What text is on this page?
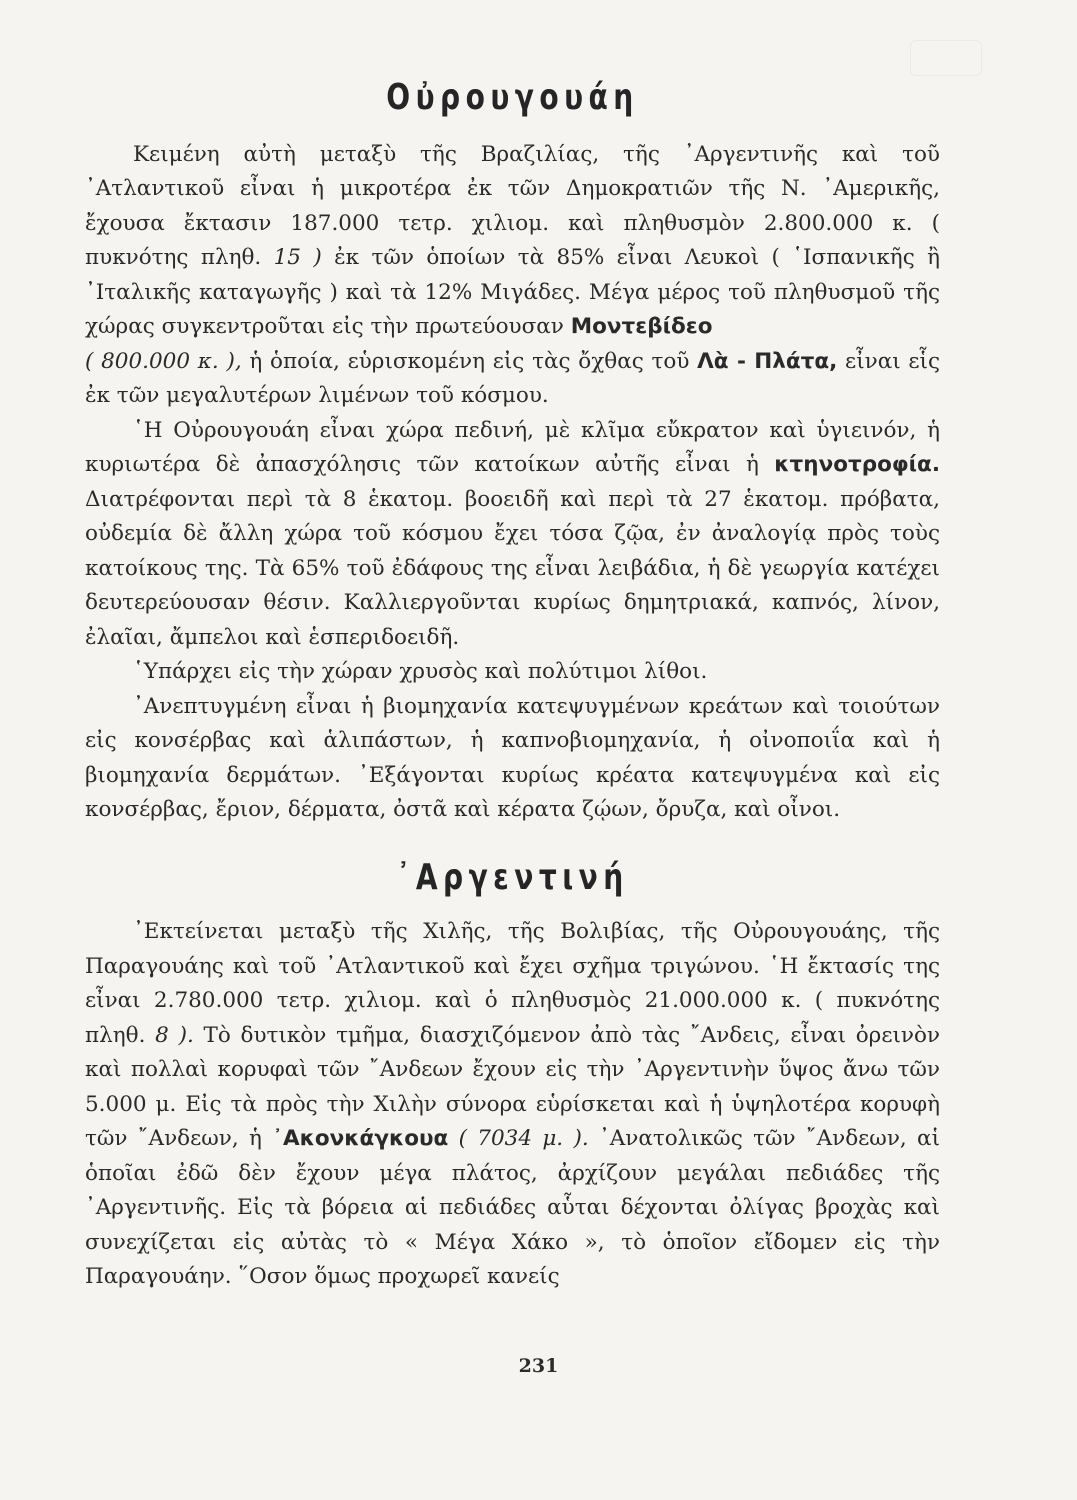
Οὐρουγουάη

Κειμένη αὐτὴ μεταξὺ τῆς Βραζιλίας, τῆς ᾽Αργεντινῆς καὶ τοῦ ᾽Ατλαντικοῦ εἶναι ἡ μικροτέρα ἐκ τῶν Δημοκρατιῶν τῆς Ν. ᾽Αμερικῆς, ἔχουσα ἔκτασιν 187.000 τετρ. χιλιομ. καὶ πληθυσμὸν 2.800.000 κ. ( πυκνότης πληθ. 15 ) ἐκ τῶν ὁποίων τὰ 85% εἶναι Λευκοὶ ( ῾Ισπανικῆς ἢ ᾽Ιταλικῆς καταγωγῆς ) καὶ τὰ 12% Μιγάδες. Μέγα μέρος τοῦ πληθυσμοῦ τῆς χώρας συγκεντροῦται εἰς τὴν πρωτεύουσαν Μοντεβίδεο
( 800.000 κ. ), ἡ ὁποία, εὑρισκομένη εἰς τὰς ὄχθας τοῦ Λὰ - Πλάτα, εἶναι εἷς ἐκ τῶν μεγαλυτέρων λιμένων τοῦ κόσμου.

῾Η Οὐρουγουάη εἶναι χώρα πεδινή, μὲ κλῖμα εὔκρατον καὶ ὑγιεινόν, ἡ κυριωτέρα δὲ ἀπασχόλησις τῶν κατοίκων αὐτῆς εἶναι ἡ κτηνοτροφία. Διατρέφονται περὶ τὰ 8 ἑκατομ. βοοειδῆ καὶ περὶ τὰ 27 ἑκατομ. πρόβατα, οὐδεμία δὲ ἄλλη χώρα τοῦ κόσμου ἔχει τόσα ζῷα, ἐν ἀναλογίᾳ πρὸς τοὺς κατοίκους της. Τὰ 65% τοῦ ἐδάφους της εἶναι λειβάδια, ἡ δὲ γεωργία κατέχει δευτερεύουσαν θέσιν. Καλλιεργοῦνται κυρίως δημητριακά, καπνός, λίνον, ἐλαῖαι, ἄμπελοι καὶ ἑσπεριδοειδῆ.

῾Υπάρχει εἰς τὴν χώραν χρυσὸς καὶ πολύτιμοι λίθοι.

᾽Ανεπτυγμένη εἶναι ἡ βιομηχανία κατεψυγμένων κρεάτων καὶ τοιούτων εἰς κονσέρβας καὶ ἁλιπάστων, ἡ καπνοβιομηχανία, ἡ οἰνοποιΐα καὶ ἡ βιομηχανία δερμάτων. ᾽Εξάγονται κυρίως κρέατα κατεψυγμένα καὶ εἰς κονσέρβας, ἔριον, δέρματα, ὀστᾶ καὶ κέρατα ζῴων, ὄρυζα, καὶ οἶνοι.

᾽Αργεντινή

᾽Εκτείνεται μεταξὺ τῆς Χιλῆς, τῆς Βολιβίας, τῆς Οὐρουγουάης, τῆς Παραγουάης καὶ τοῦ ᾽Ατλαντικοῦ καὶ ἔχει σχῆμα τριγώνου. ῾Η ἔκτασίς της εἶναι 2.780.000 τετρ. χιλιομ. καὶ ὁ πληθυσμὸς 21.000.000 κ. ( πυκνότης πληθ. 8 ). Τὸ δυτικὸν τμῆμα, διασχιζόμενον ἀπὸ τὰς ῎Ανδεις, εἶναι ὀρεινὸν καὶ πολλαὶ κορυφαὶ τῶν ῎Ανδεων ἔχουν εἰς τὴν ᾽Αργεντινὴν ὕψος ἄνω τῶν 5.000 μ. Εἰς τὰ πρὸς τὴν Χιλὴν σύνορα εὑρίσκεται καὶ ἡ ὑψηλοτέρα κορυφὴ τῶν ῎Ανδεων, ἡ ᾽Ακονκάγκουα ( 7034 μ. ). ᾽Ανατολικῶς τῶν ῎Ανδεων, αἱ ὁποῖαι ἐδῶ δὲν ἔχουν μέγα πλάτος, ἀρχίζουν μεγάλαι πεδιάδες τῆς ᾽Αργεντινῆς. Εἰς τὰ βόρεια αἱ πεδιάδες αὗται δέχονται ὀλίγας βροχὰς καὶ συνεχίζεται εἰς αὐτὰς τὸ « Μέγα Χάκο », τὸ ὁποῖον εἴδομεν εἰς τὴν Παραγουάην. ῞Οσον ὅμως προχωρεῖ κανείς

231
